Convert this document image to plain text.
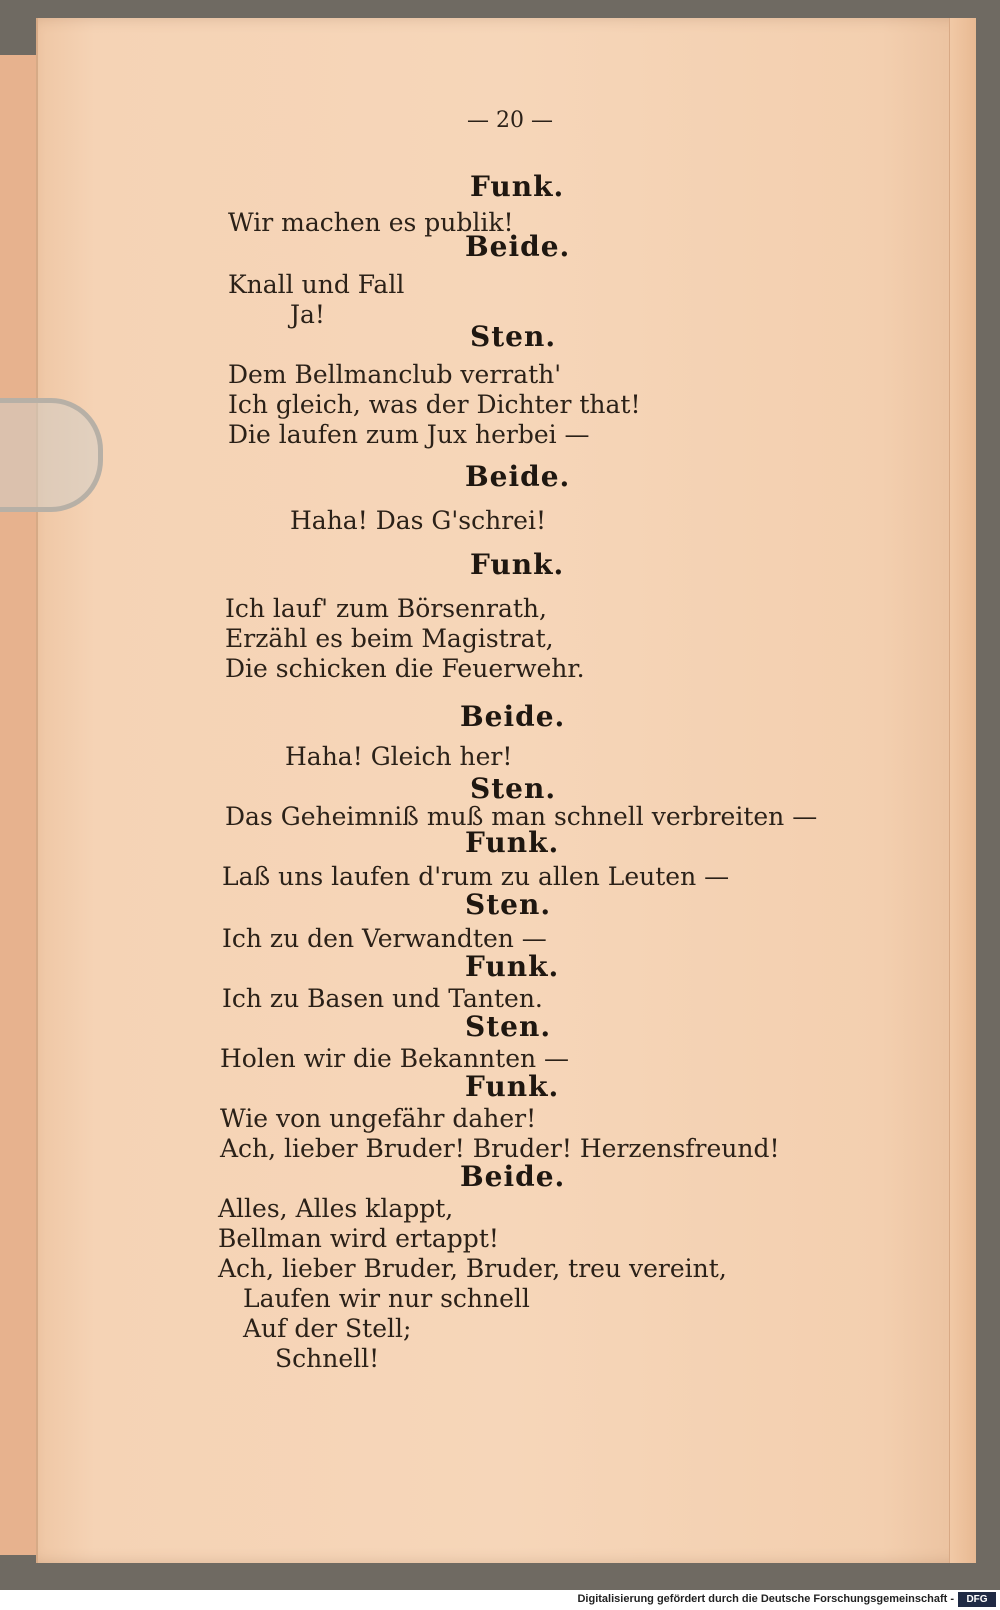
— 20 —
Funk.
Wir machen es publik!
Beide.
Knall und Fall
Ja!
Sten.
Dem Bellmanclub verrath'
Ich gleich, was der Dichter that!
Die laufen zum Jux herbei —
Beide.
Haha! Das G'schrei!
Funk.
Ich lauf' zum Börsenrath,
Erzähl es beim Magistrat,
Die schicken die Feuerwehr.
Beide.
Haha! Gleich her!
Sten.
Das Geheimniß muß man schnell verbreiten —
Funk.
Laß uns laufen d'rum zu allen Leuten —
Sten.
Ich zu den Verwandten —
Funk.
Ich zu Basen und Tanten.
Sten.
Holen wir die Bekannten —
Funk.
Wie von ungefähr daher!
Ach, lieber Bruder! Bruder! Herzensfreund!
Beide.
Alles, Alles klappt,
Bellman wird ertappt!
Ach, lieber Bruder, Bruder, treu vereint,
Laufen wir nur schnell
Auf der Stell;
Schnell!
Digitalisierung gefördert durch die Deutsche Forschungsgemeinschaft -	DFG
